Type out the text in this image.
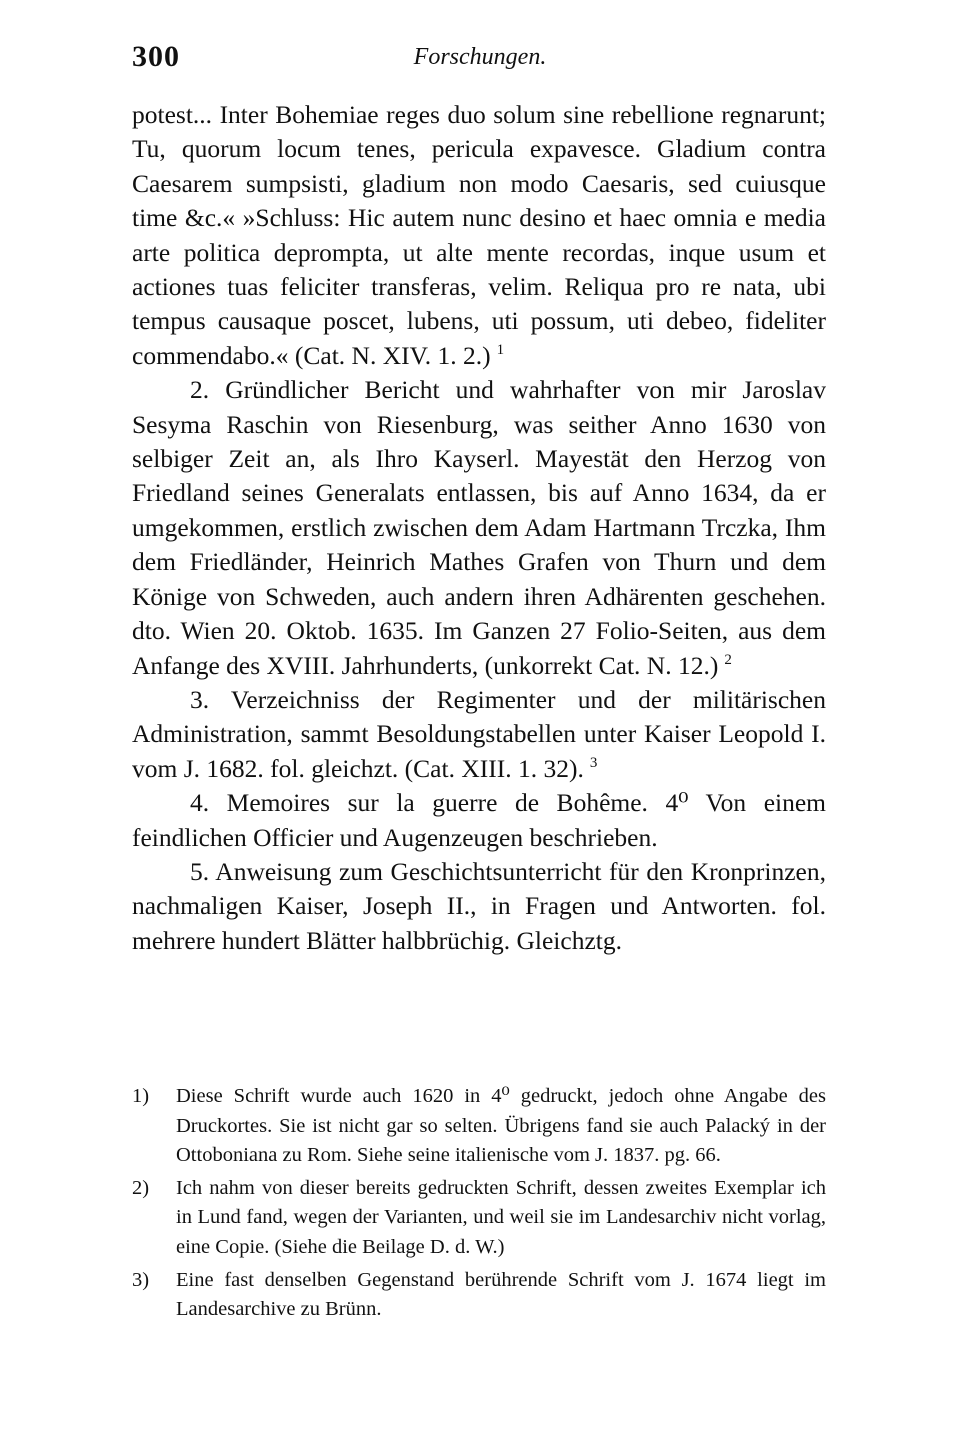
300	Forschungen.

potest... Inter Bohemiae reges duo solum sine rebellione regnarunt; Tu, quorum locum tenes, pericula expavesce. Gladium contra Caesarem sumpsisti, gladium non modo Caesaris, sed cuiusque time &c.« »Schluss: Hic autem nunc desino et haec omnia e media arte politica deprompta, ut alte mente recordas, inque usum et actiones tuas feliciter transferas, velim. Reliqua pro re nata, ubi tempus causaque poscet, lubens, uti possum, uti debeo, fideliter commendabo.« (Cat. N. XIV. 1. 2.) $^1$

2. Gründlicher Bericht und wahrhafter von mir Jaroslav Sesyma Raschin von Riesenburg, was seither Anno 1630 von selbiger Zeit an, als Ihro Kayserl. Mayestät den Herzog von Friedland seines Generalats entlassen, bis auf Anno 1634, da er umgekommen, erstlich zwischen dem Adam Hartmann Trczka, Ihm dem Friedländer, Heinrich Mathes Grafen von Thurn und dem Könige von Schweden, auch andern ihren Adhärenten geschehen. dto. Wien 20. Oktob. 1635. Im Ganzen 27 Folio-Seiten, aus dem Anfange des XVIII. Jahrhunderts, (unkorrekt Cat. N. 12.) $^2$

3. Verzeichniss der Regimenter und der militärischen Administration, sammt Besoldungstabellen unter Kaiser Leopold I. vom J. 1682. fol. gleichzt. (Cat. XIII. 1. 32). $^3$

4. Memoires sur la guerre de Bohême. 4⁰ Von einem feindlichen Officier und Augenzeugen beschrieben.

5. Anweisung zum Geschichtsunterricht für den Kronprinzen, nachmaligen Kaiser, Joseph II., in Fragen und Antworten. fol. mehrere hundert Blätter halbbrüchig. Gleichztg.

1)	Diese Schrift wurde auch 1620 in 4⁰ gedruckt, jedoch ohne Angabe des Druckortes. Sie ist nicht gar so selten. Übrigens fand sie auch Palacký in der Ottoboniana zu Rom. Siehe seine italienische vom J. 1837. pg. 66.
2)	Ich nahm von dieser bereits gedruckten Schrift, dessen zweites Exemplar ich in Lund fand, wegen der Varianten, und weil sie im Landesarchiv nicht vorlag, eine Copie. (Siehe die Beilage D. d. W.)
3)	Eine fast denselben Gegenstand berührende Schrift vom J. 1674 liegt im Landesarchive zu Brünn.
